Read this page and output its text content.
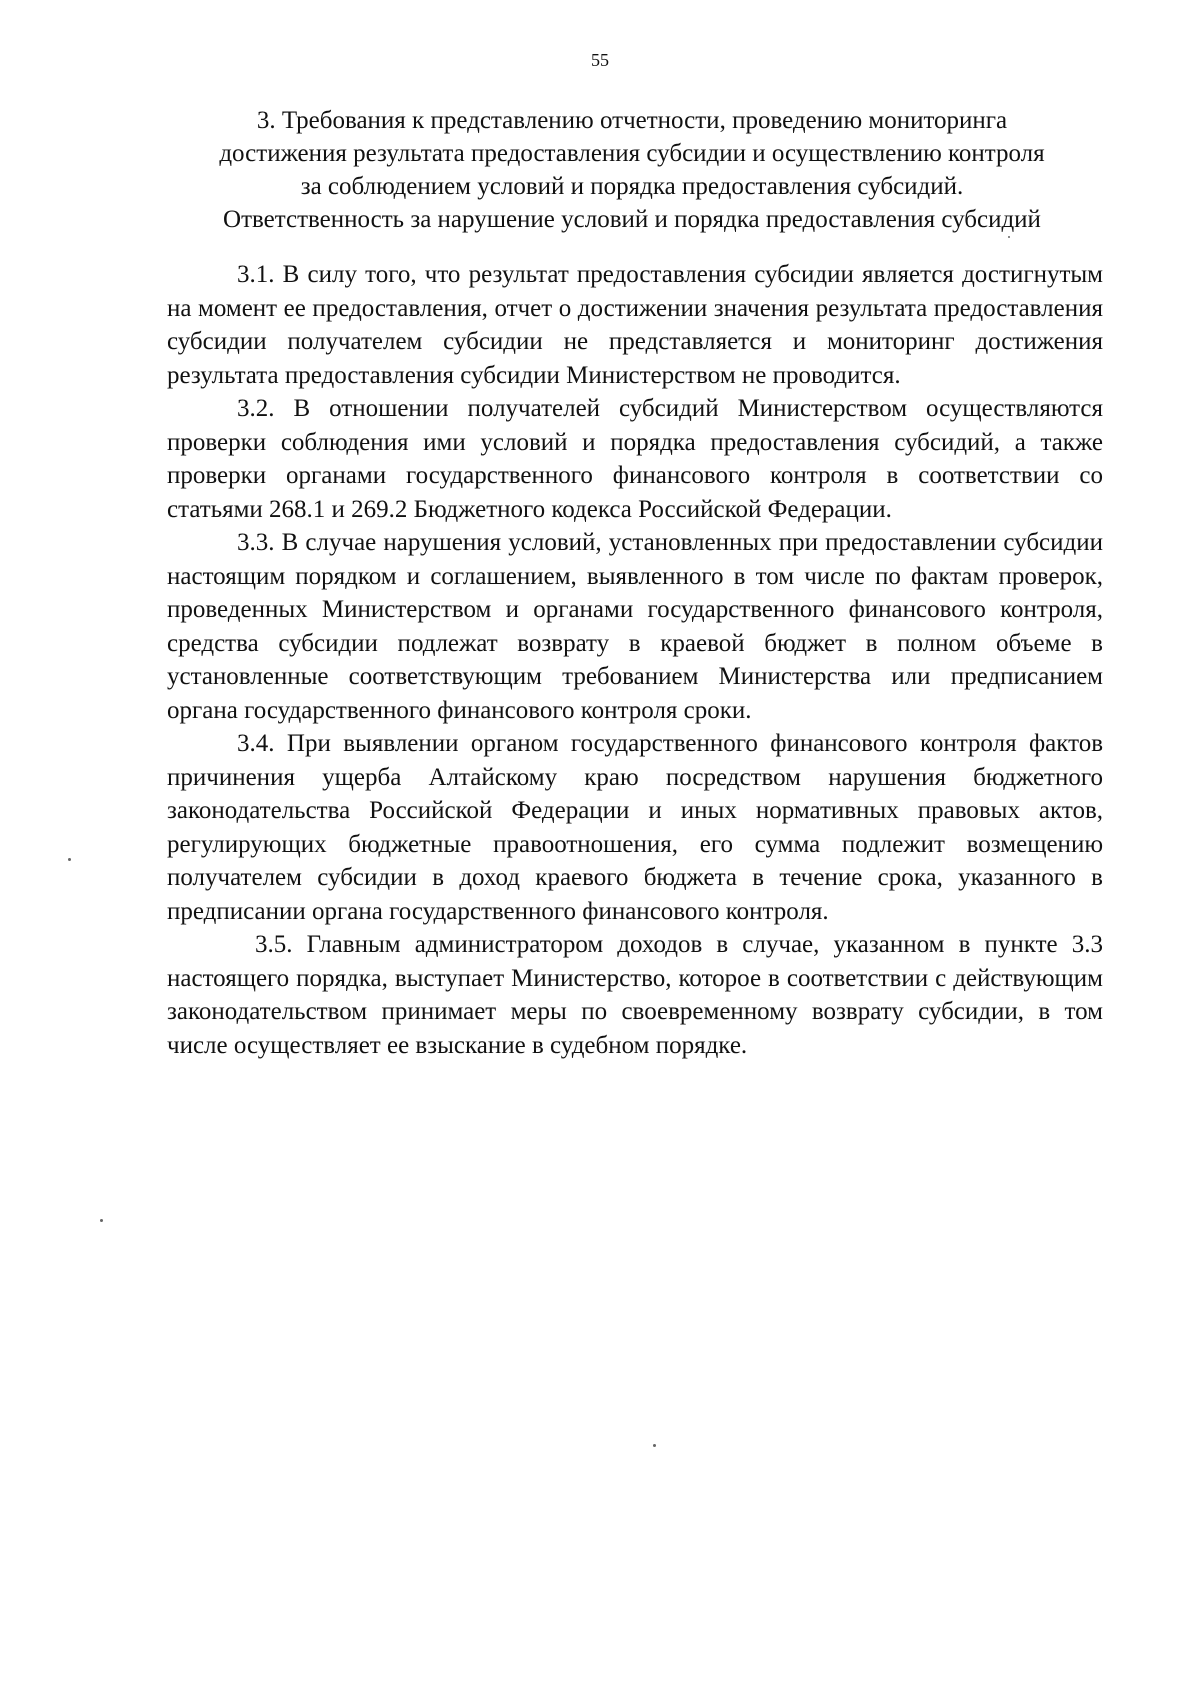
55

3. Требования к представлению отчетности, проведению мониторинга
достижения результата предоставления субсидии и осуществлению контроля
за соблюдением условий и порядка предоставления субсидий.
Ответственность за нарушение условий и порядка предоставления субсидий

3.1. В силу того, что результат предоставления субсидии является достигнутым на момент ее предоставления, отчет о достижении значения результата предоставления субсидии получателем субсидии не представляется и мониторинг достижения результата предоставления субсидии Министерством не проводится.

3.2. В отношении получателей субсидий Министерством осуществляются проверки соблюдения ими условий и порядка предоставления субсидий, а также проверки органами государственного финансового контроля в соответствии со статьями 268.1 и 269.2 Бюджетного кодекса Российской Федерации.

3.3. В случае нарушения условий, установленных при предоставлении субсидии настоящим порядком и соглашением, выявленного в том числе по фактам проверок, проведенных Министерством и органами государственного финансового контроля, средства субсидии подлежат возврату в краевой бюджет в полном объеме в установленные соответствующим требованием Министерства или предписанием органа государственного финансового контроля сроки.

3.4. При выявлении органом государственного финансового контроля фактов причинения ущерба Алтайскому краю посредством нарушения бюджетного законодательства Российской Федерации и иных нормативных правовых актов, регулирующих бюджетные правоотношения, его сумма подлежит возмещению получателем субсидии в доход краевого бюджета в течение срока, указанного в предписании органа государственного финансового контроля.

3.5. Главным администратором доходов в случае, указанном в пункте 3.3 настоящего порядка, выступает Министерство, которое в соответствии с действующим законодательством принимает меры по своевременному возврату субсидии, в том числе осуществляет ее взыскание в судебном порядке.
